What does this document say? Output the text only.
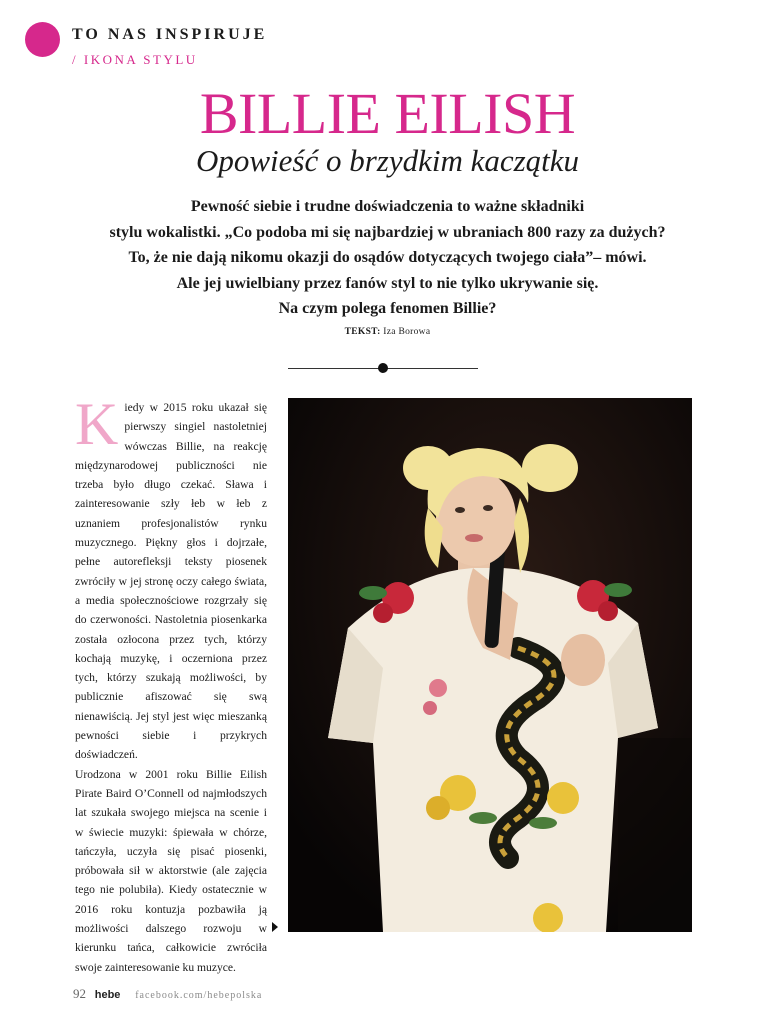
TO NAS INSPIRUJE
/ IKONA STYLU
BILLIE EILISH
Opowieść o brzydkim kaczątku
Pewność siebie i trudne doświadczenia to ważne składniki
stylu wokalistki. „Co podoba mi się najbardziej w ubraniach 800 razy za dużych?
To, że nie dają nikomu okazji do osądów dotyczących twojego ciała”– mówi.
Ale jej uwielbiany przez fanów styl to nie tylko ukrywanie się.
Na czym polega fenomen Billie?
TEKST: Iza Borowa

Kiedy w 2015 roku ukazał się pierwszy singiel nastoletniej wówczas Billie, na reakcję międzynarodowej publiczności nie trzeba było długo czekać. Sława i zainteresowanie szły łeb w łeb z uznaniem profesjonalistów rynku muzycznego. Piękny głos i dojrzałe, pełne autorefleksji teksty piosenek zwróciły w jej stronę oczy całego świata, a media społecznościowe rozgrzały się do czerwoności. Nastoletnia piosenkarka została ozłocona przez tych, którzy kochają muzykę, i oczerniona przez tych, którzy szukają możliwości, by publicznie afiszować się swą nienawiścią. Jej styl jest więc mieszanką pewności siebie i przykrych doświadczeń.

Urodzona w 2001 roku Billie Eilish Pirate Baird O’Connell od najmłodszych lat szukała swojego miejsca na scenie i w świecie muzyki: śpiewała w chórze, tańczyła, uczyła się pisać piosenki, próbowała sił w aktorstwie (ale zajęcia tego nie polubiła). Kiedy ostatecznie w 2016 roku kontuzja pozbawiła ją możliwości dalszego rozwoju w kierunku tańca, całkowicie zwróciła swoje zainteresowanie ku muzyce.

92 hebe facebook.com/hebepolska
